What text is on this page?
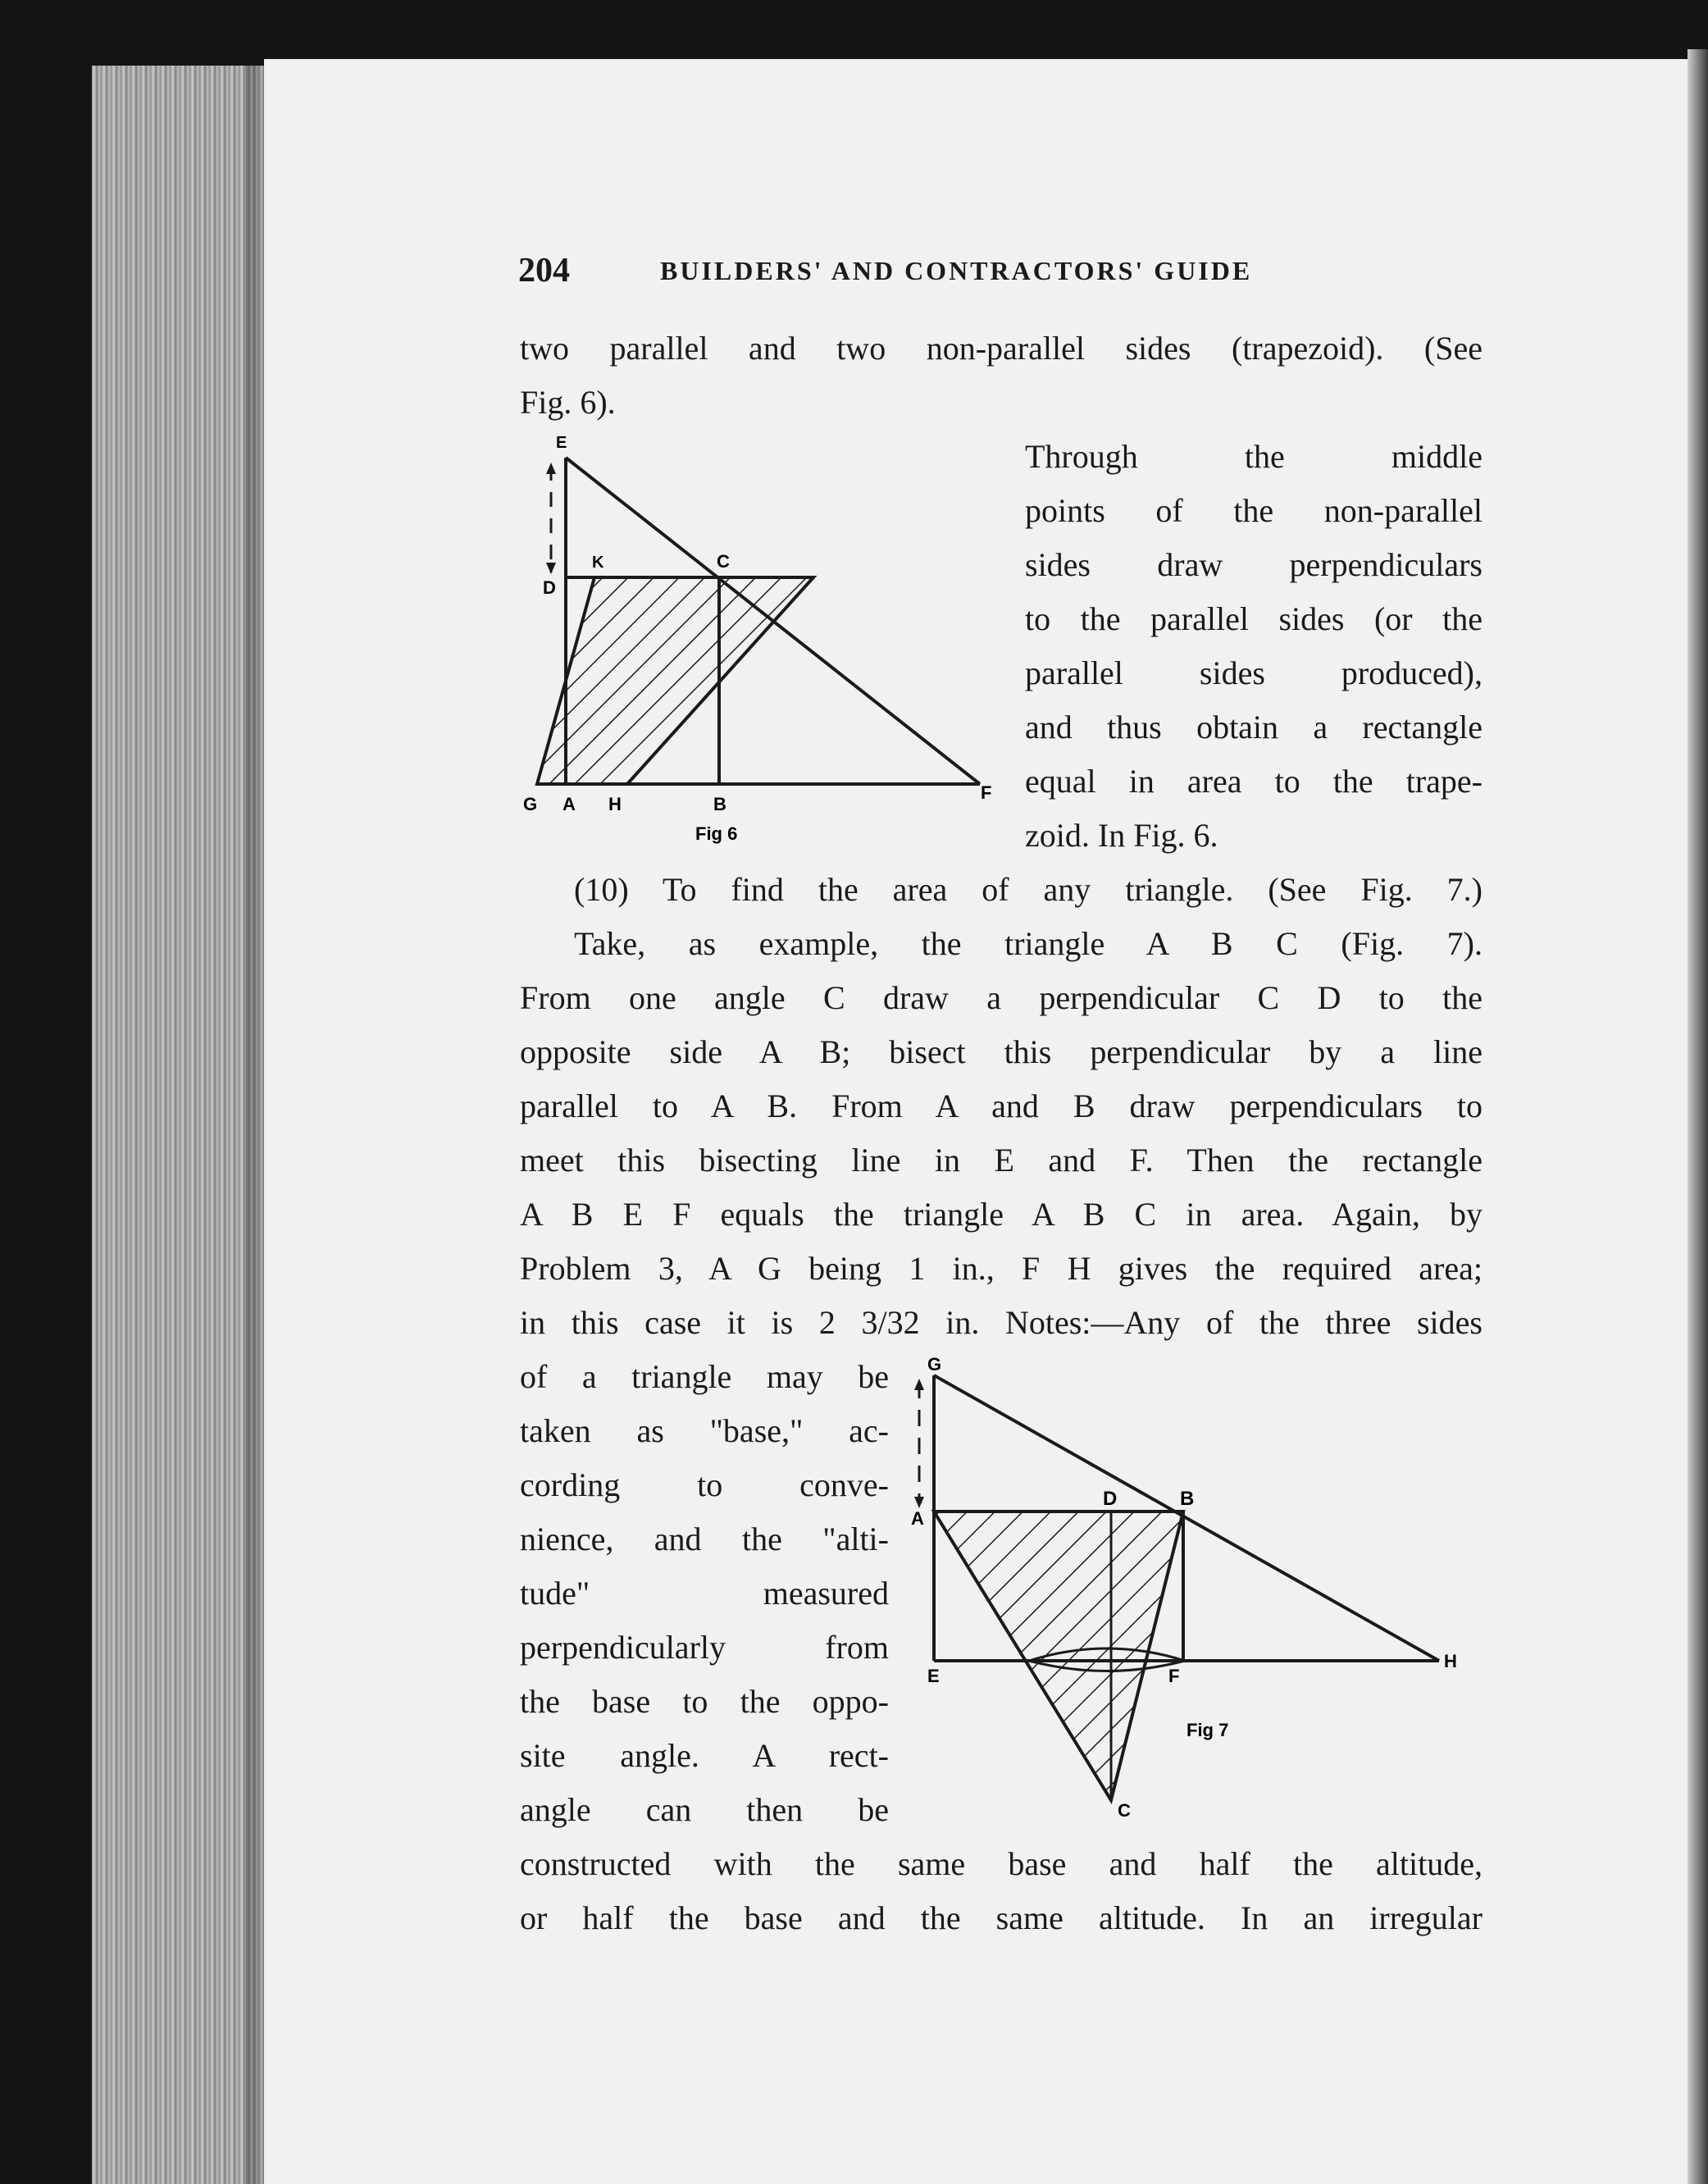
204	BUILDERS' AND CONTRACTORS' GUIDE
two parallel and two non-parallel sides (trapezoid). (See
Fig. 6).
Through the middle
points of the non-parallel
sides draw perpendiculars
to the parallel sides (or the
parallel sides produced),
and thus obtain a rectangle
equal in area to the trape-
zoid. In Fig. 6.
E
K	C
D
G A H	B
F
Fig 6
(10) To find the area of any triangle. (See Fig. 7.)
Take, as example, the triangle A B C (Fig. 7).
From one angle C draw a perpendicular C D to the
opposite side A B; bisect this perpendicular by a line
parallel to A B. From A and B draw perpendiculars to
meet this bisecting line in E and F. Then the rectangle
A B E F equals the triangle A B C in area. Again, by
Problem 3, A G being 1 in., F H gives the required area;
in this case it is 2 3/32 in. Notes:—Any of the three sides
of a triangle may be
taken as "base," ac-
cording to conve-
nience, and the "alti-
tude" measured
perpendicularly from
the base to the oppo-
site angle. A rect-
angle can then be
G
D	B
A
E	F
H
C
Fig 7
constructed with the same base and half the altitude,
or half the base and the same altitude. In an irregular
